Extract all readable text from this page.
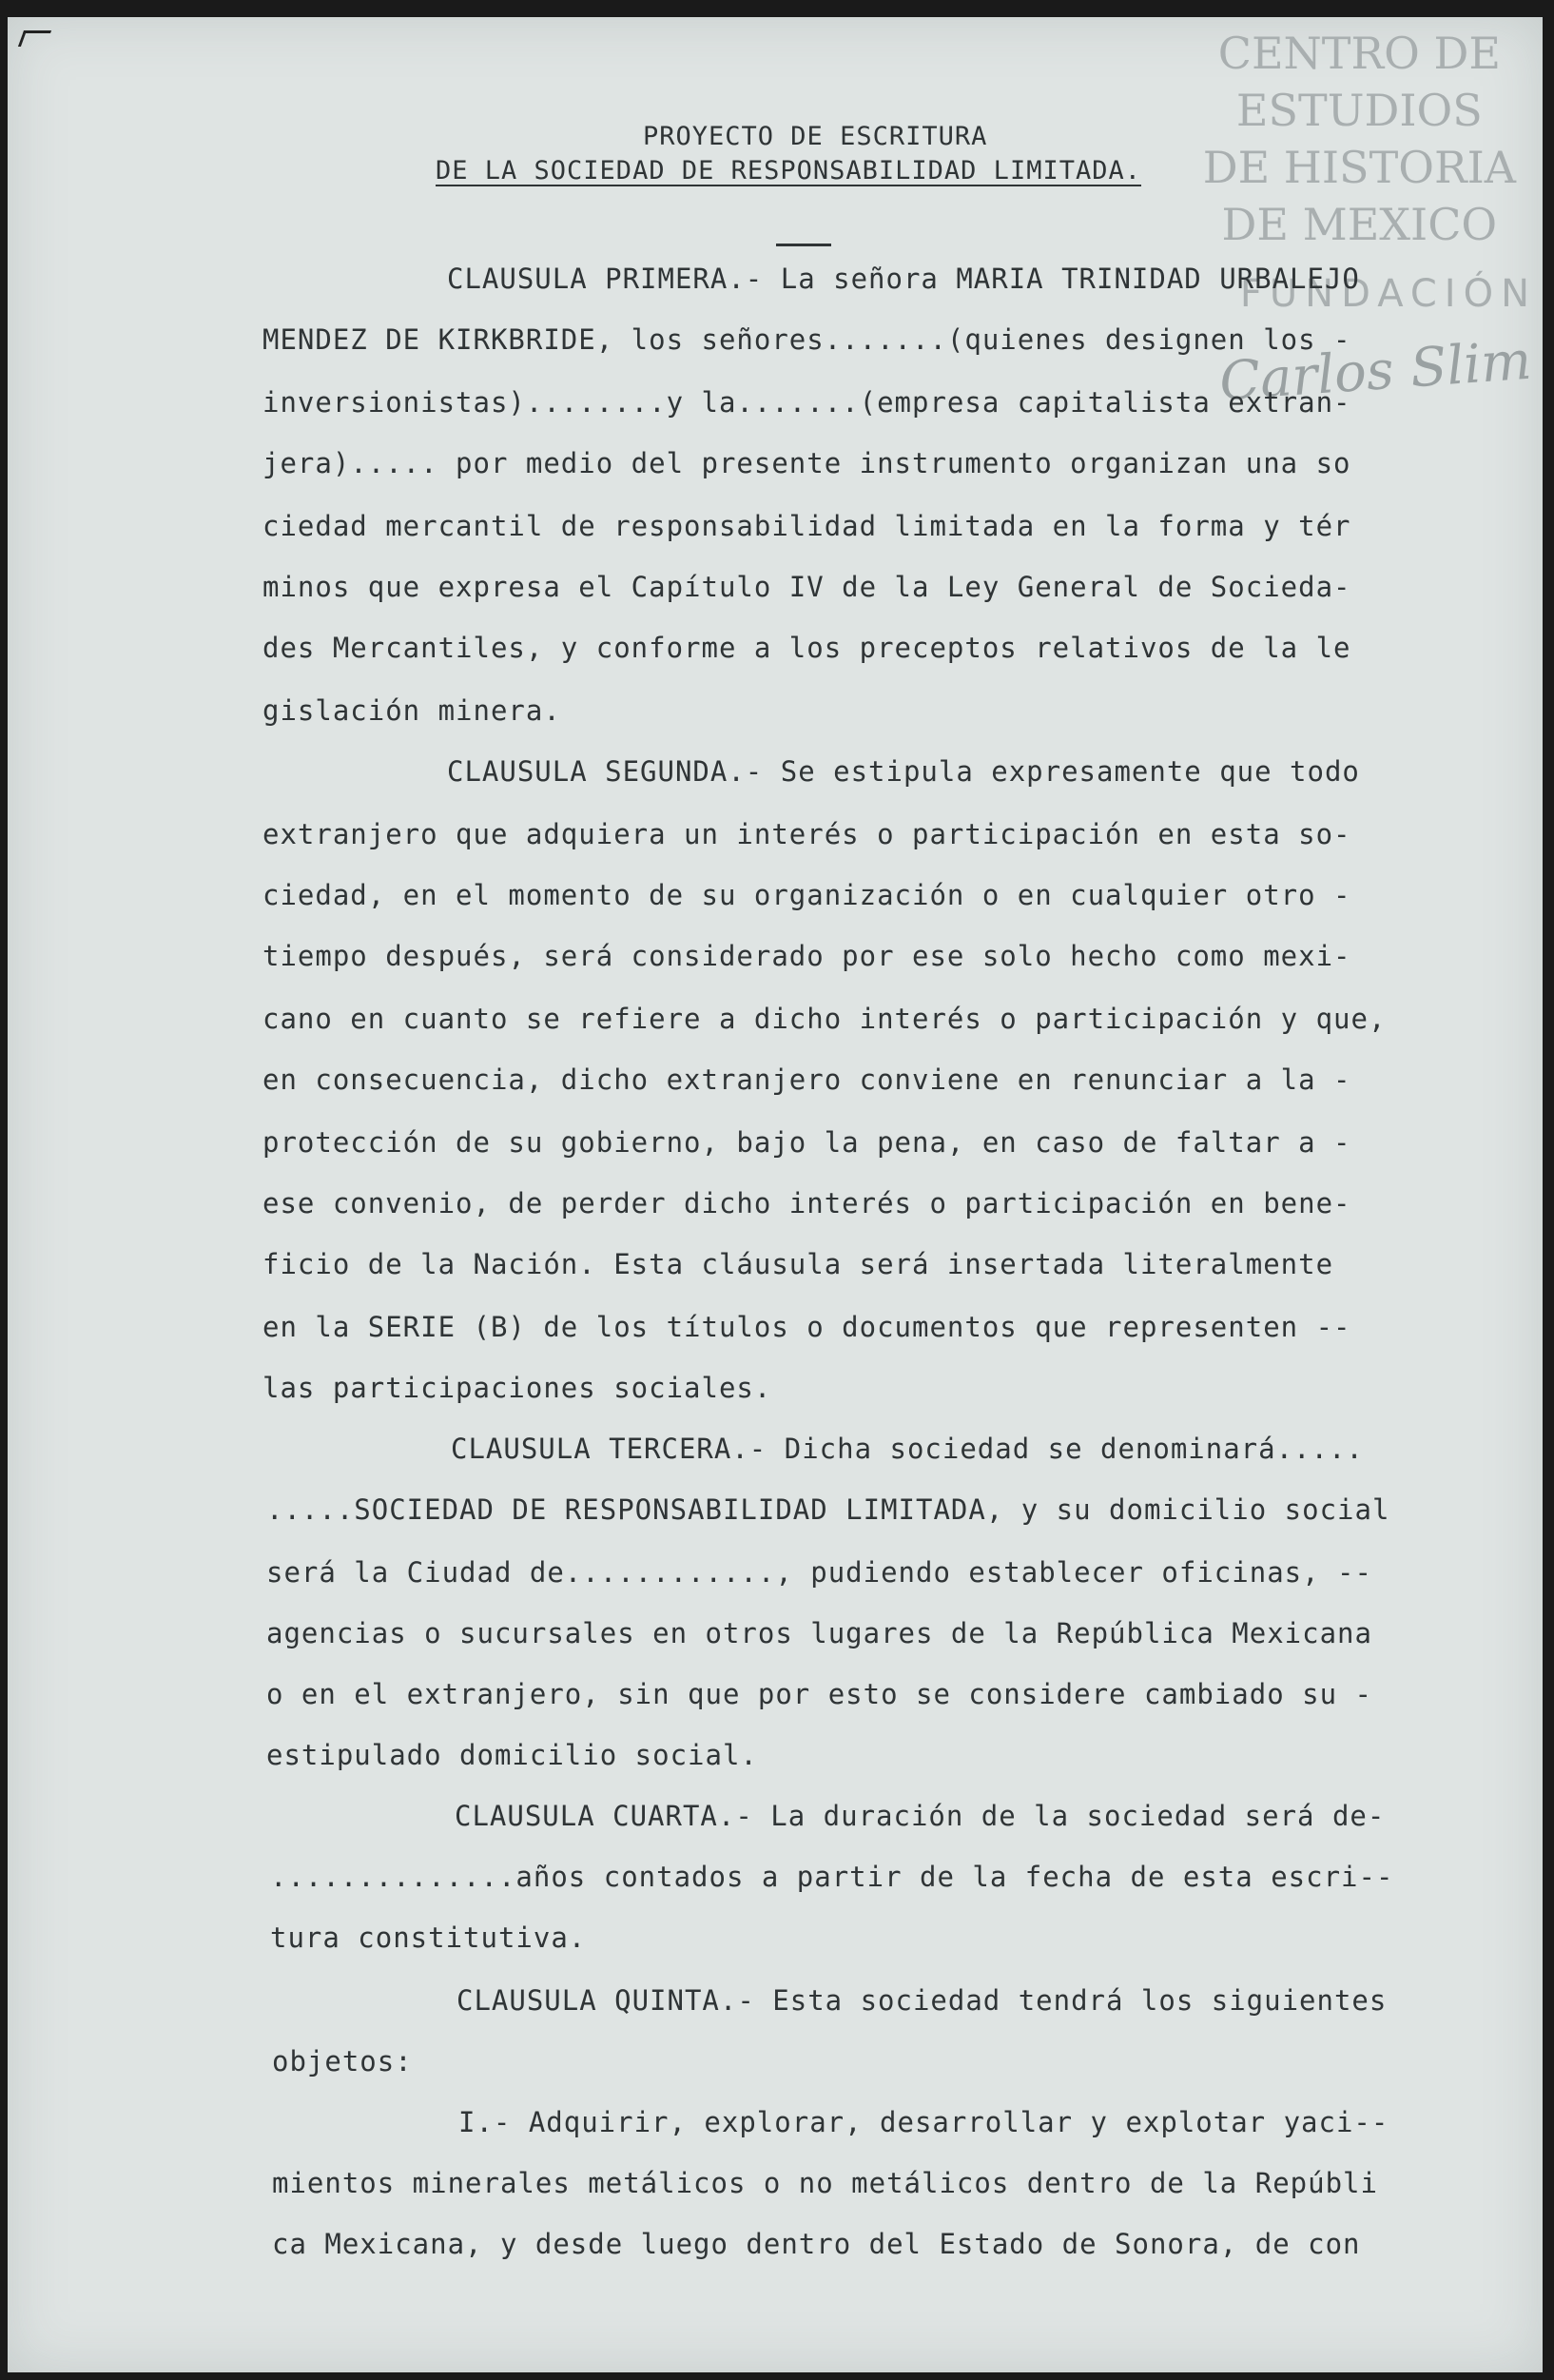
CENTRO DE
ESTUDIOS
DE HISTORIA
DE MEXICO
FUNDACIÓN
Carlos Slim
PROYECTO DE ESCRITURA
DE LA SOCIEDAD DE RESPONSABILIDAD LIMITADA.
CLAUSULA PRIMERA.- La señora MARIA TRINIDAD URBALEJO
MENDEZ DE KIRKBRIDE, los señores.......(quienes designen los -
inversionistas)........y la.......(empresa capitalista extran-
jera)..... por medio del presente instrumento organizan una so
ciedad mercantil de responsabilidad limitada en la forma y tér
minos que expresa el Capítulo IV de la Ley General de Socieda-
des Mercantiles, y conforme a los preceptos relativos de la le
gislación minera.
CLAUSULA SEGUNDA.- Se estipula expresamente que todo
extranjero que adquiera un interés o participación en esta so-
ciedad, en el momento de su organización o en cualquier otro -
tiempo después, será considerado por ese solo hecho como mexi-
cano en cuanto se refiere a dicho interés o participación y que,
en consecuencia, dicho extranjero conviene en renunciar a la -
protección de su gobierno, bajo la pena, en caso de faltar a -
ese convenio, de perder dicho interés o participación en bene-
ficio de la Nación. Esta cláusula será insertada literalmente
en la SERIE (B) de los títulos o documentos que representen --
las participaciones sociales.
CLAUSULA TERCERA.- Dicha sociedad se denominará.....
.....SOCIEDAD DE RESPONSABILIDAD LIMITADA, y su domicilio social
será la Ciudad de............, pudiendo establecer oficinas, --
agencias o sucursales en otros lugares de la República Mexicana
o en el extranjero, sin que por esto se considere cambiado su -
estipulado domicilio social.
CLAUSULA CUARTA.- La duración de la sociedad será de-
..............años contados a partir de la fecha de esta escri--
tura constitutiva.
CLAUSULA QUINTA.- Esta sociedad tendrá los siguientes
objetos:
I.- Adquirir, explorar, desarrollar y explotar yaci--
mientos minerales metálicos o no metálicos dentro de la Repúbli
ca Mexicana, y desde luego dentro del Estado de Sonora, de con
